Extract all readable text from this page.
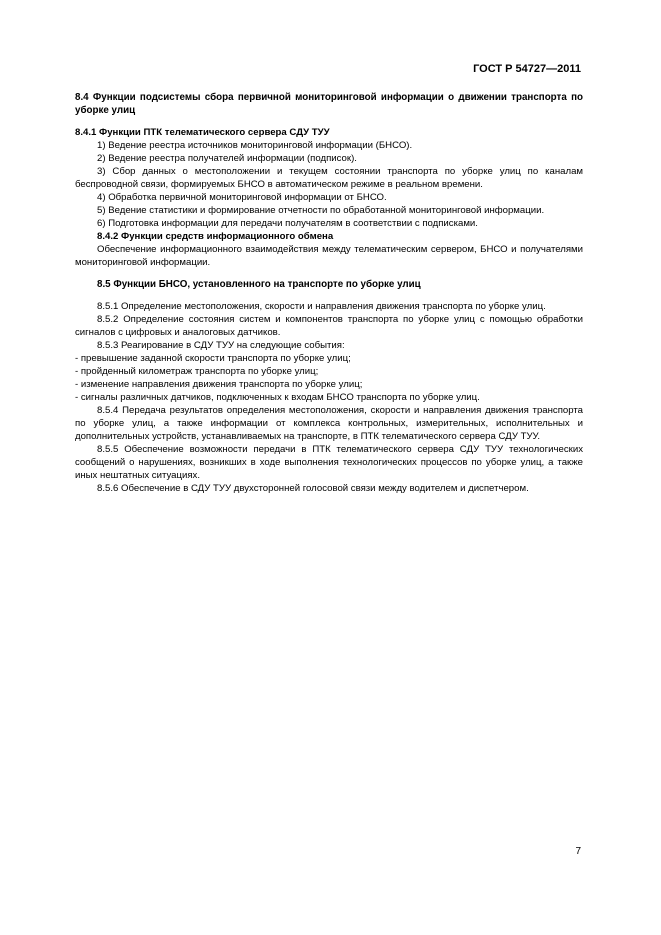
ГОСТ Р 54727—2011

8.4 Функции подсистемы сбора первичной мониторинговой информации о движении транспорта по уборке улиц

8.4.1 Функции ПТК телематического сервера СДУ ТУУ

1) Ведение реестра источников мониторинговой информации (БНСО).

2) Ведение реестра получателей информации (подписок).

3) Сбор данных о местоположении и текущем состоянии транспорта по уборке улиц по каналам беспроводной связи, формируемых БНСО в автоматическом режиме в реальном времени.

4) Обработка первичной мониторинговой информации от БНСО.

5) Ведение статистики и формирование отчетности по обработанной мониторинговой информации.

6) Подготовка информации для передачи получателям в соответствии с подписками.

8.4.2 Функции средств информационного обмена

Обеспечение информационного взаимодействия между телематическим сервером, БНСО и получателями мониторинговой информации.

8.5 Функции БНСО, установленного на транспорте по уборке улиц

8.5.1 Определение местоположения, скорости и направления движения транспорта по уборке улиц.

8.5.2 Определение состояния систем и компонентов транспорта по уборке улиц с помощью обработки сигналов с цифровых и аналоговых датчиков.

8.5.3 Реагирование в СДУ ТУУ на следующие события:

- превышение заданной скорости транспорта по уборке улиц;

- пройденный километраж транспорта по уборке улиц;

- изменение направления движения транспорта по уборке улиц;

- сигналы различных датчиков, подключенных к входам БНСО транспорта по уборке улиц.

8.5.4 Передача результатов определения местоположения, скорости и направления движения транспорта по уборке улиц, а также информации от комплекса контрольных, измерительных, исполнительных и дополнительных устройств, устанавливаемых на транспорте, в ПТК телематического сервера СДУ ТУУ.

8.5.5 Обеспечение возможности передачи в ПТК телематического сервера СДУ ТУУ технологических сообщений о нарушениях, возникших в ходе выполнения технологических процессов по уборке улиц, а также иных нештатных ситуациях.

8.5.6 Обеспечение в СДУ ТУУ двухсторонней голосовой связи между водителем и диспетчером.

7
